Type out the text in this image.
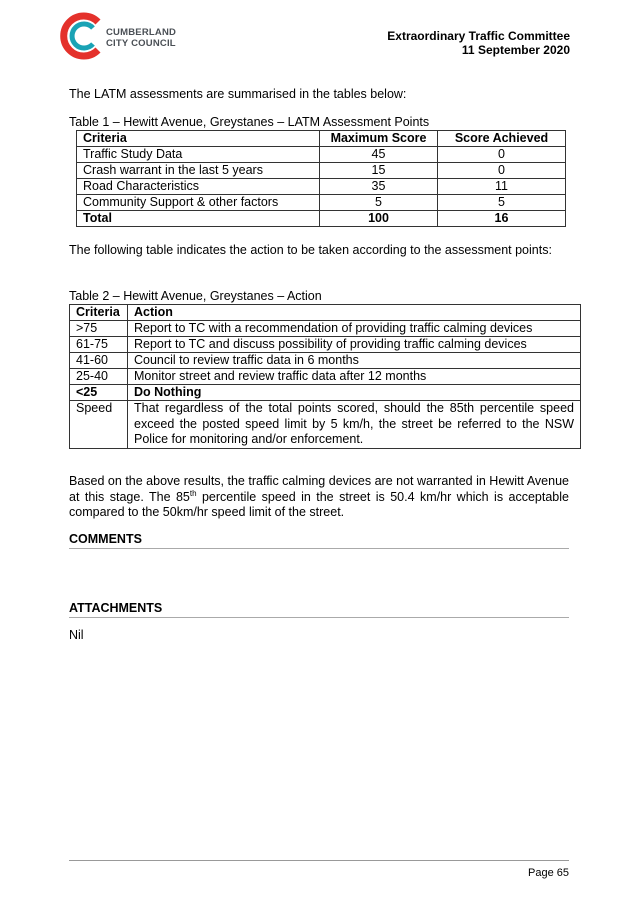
CUMBERLAND
CITY COUNCIL
Extraordinary Traffic Committee
11 September 2020
The LATM assessments are summarised in the tables below:
Table 1 – Hewitt Avenue, Greystanes – LATM Assessment Points
Criteria	Maximum Score	Score Achieved
Traffic Study Data	45	0
Crash warrant in the last 5 years	15	0
Road Characteristics	35	11
Community Support & other factors	5	5
Total	100	16
The following table indicates the action to be taken according to the assessment points:
Table 2 – Hewitt Avenue, Greystanes – Action
Criteria	Action
>75	Report to TC with a recommendation of providing traffic calming devices
61-75	Report to TC and discuss possibility of providing traffic calming devices
41-60	Council to review traffic data in 6 months
25-40	Monitor street and review traffic data after 12 months
<25	Do Nothing
Speed	That regardless of the total points scored, should the 85th percentile speed exceed the posted speed limit by 5 km/h, the street be referred to the NSW Police for monitoring and/or enforcement.
Based on the above results, the traffic calming devices are not warranted in Hewitt Avenue at this stage. The 85th percentile speed in the street is 50.4 km/hr which is acceptable compared to the 50km/hr speed limit of the street.
COMMENTS
ATTACHMENTS
Nil
Page 65
